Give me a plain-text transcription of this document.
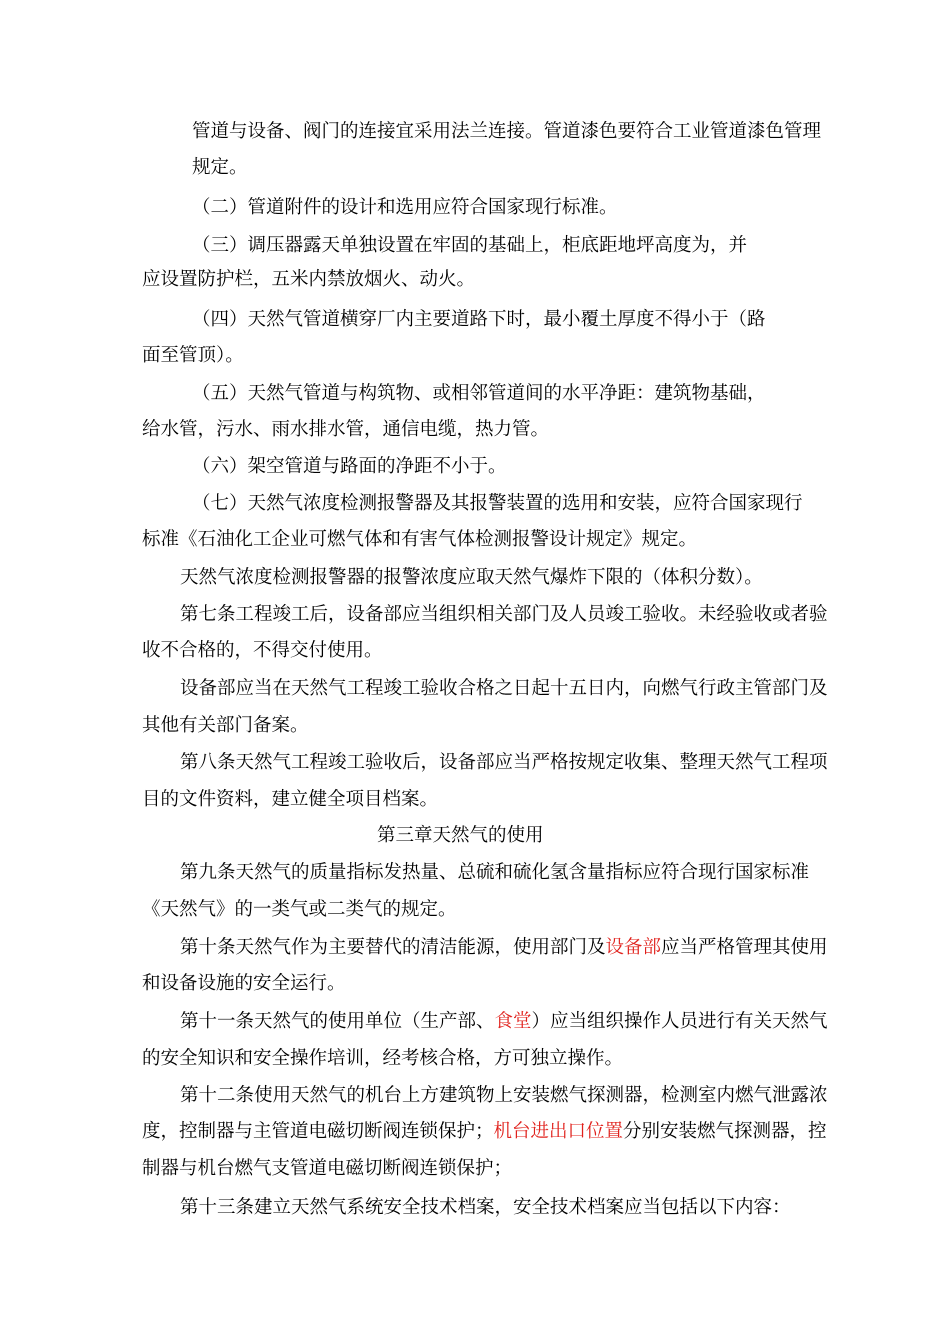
管道与设备、阀门的连接宜采用法兰连接。管道漆色要符合工业管道漆色管理
规定。
（二）管道附件的设计和选用应符合国家现行标准。
（三）调压器露天单独设置在牢固的基础上，柜底距地坪高度为，并
应设置防护栏，五米内禁放烟火、动火。
（四）天然气管道横穿厂内主要道路下时，最小覆土厚度不得小于（路
面至管顶）。
（五）天然气管道与构筑物、或相邻管道间的水平净距：建筑物基础，
给水管，污水、雨水排水管，通信电缆，热力管。
（六）架空管道与路面的净距不小于。
（七）天然气浓度检测报警器及其报警装置的选用和安装，应符合国家现行
标准《石油化工企业可燃气体和有害气体检测报警设计规定》规定。
天然气浓度检测报警器的报警浓度应取天然气爆炸下限的（体积分数）。
第七条工程竣工后，设备部应当组织相关部门及人员竣工验收。未经验收或者验
收不合格的，不得交付使用。
设备部应当在天然气工程竣工验收合格之日起十五日内，向燃气行政主管部门及
其他有关部门备案。
第八条天然气工程竣工验收后，设备部应当严格按规定收集、整理天然气工程项
目的文件资料，建立健全项目档案。
第三章天然气的使用
第九条天然气的质量指标发热量、总硫和硫化氢含量指标应符合现行国家标准
《天然气》的一类气或二类气的规定。
第十条天然气作为主要替代的清洁能源，使用部门及设备部应当严格管理其使用
和设备设施的安全运行。
第十一条天然气的使用单位（生产部、食堂）应当组织操作人员进行有关天然气
的安全知识和安全操作培训，经考核合格，方可独立操作。
第十二条使用天然气的机台上方建筑物上安装燃气探测器，检测室内燃气泄露浓
度，控制器与主管道电磁切断阀连锁保护；机台进出口位置分别安装燃气探测器，控
制器与机台燃气支管道电磁切断阀连锁保护；
第十三条建立天然气系统安全技术档案，安全技术档案应当包括以下内容：
